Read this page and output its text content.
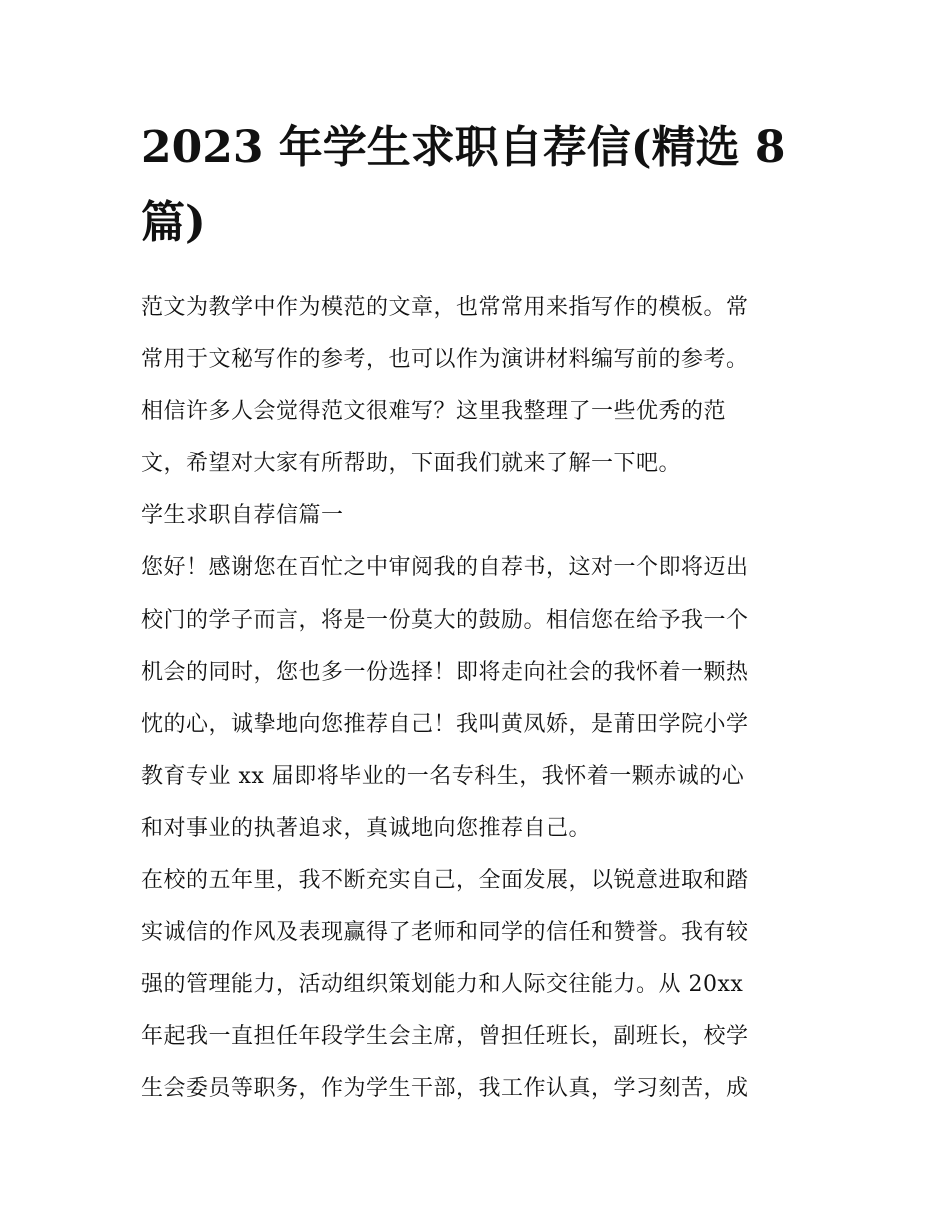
2023 年学生求职自荐信(精选 8
篇)
范文为教学中作为模范的文章，也常常用来指写作的模板。常
常用于文秘写作的参考，也可以作为演讲材料编写前的参考。
相信许多人会觉得范文很难写？这里我整理了一些优秀的范
文，希望对大家有所帮助，下面我们就来了解一下吧。
学生求职自荐信篇一
您好！感谢您在百忙之中审阅我的自荐书，这对一个即将迈出
校门的学子而言，将是一份莫大的鼓励。相信您在给予我一个
机会的同时，您也多一份选择！即将走向社会的我怀着一颗热
忱的心，诚挚地向您推荐自己！我叫黄凤娇，是莆田学院小学
教育专业 xx 届即将毕业的一名专科生，我怀着一颗赤诚的心
和对事业的执著追求，真诚地向您推荐自己。
在校的五年里，我不断充实自己，全面发展，以锐意进取和踏
实诚信的作风及表现赢得了老师和同学的信任和赞誉。我有较
强的管理能力，活动组织策划能力和人际交往能力。从 20xx
年起我一直担任年段学生会主席，曾担任班长，副班长，校学
生会委员等职务，作为学生干部，我工作认真，学习刻苦，成
